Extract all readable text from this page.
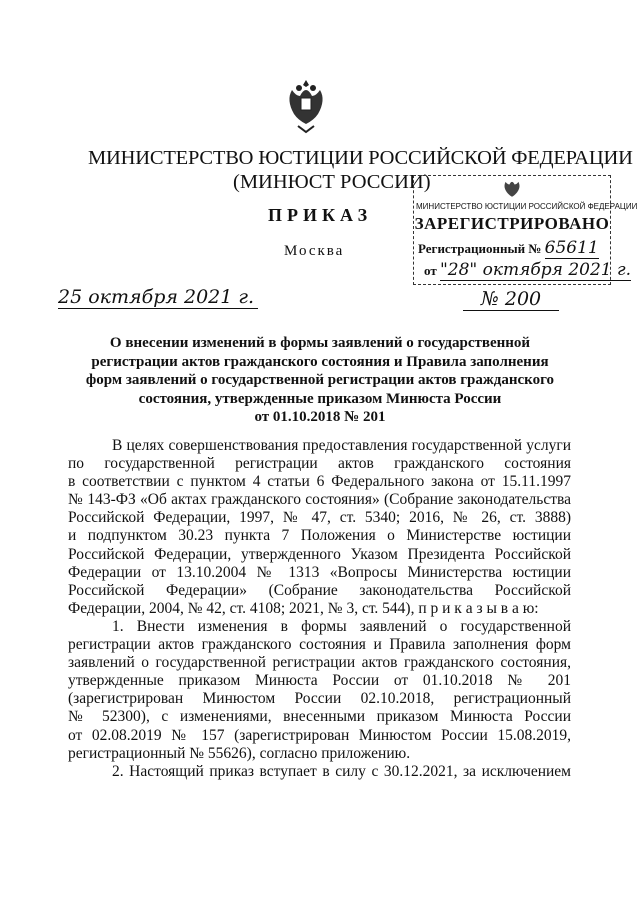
МИНИСТЕРСТВО ЮСТИЦИИ РОССИЙСКОЙ ФЕДЕРАЦИИ
(МИНЮСТ РОССИИ)
ПРИКАЗ
Москва
25 октября 2021 г.	№ 200
МИНИСТЕРСТВО ЮСТИЦИИ РОССИЙСКОЙ ФЕДЕРАЦИИ
ЗАРЕГИСТРИРОВАНО
Регистрационный № 65611
от "28" октября 2021 г.
О внесении изменений в формы заявлений о государственной
регистрации актов гражданского состояния и Правила заполнения
форм заявлений о государственной регистрации актов гражданского
состояния, утвержденные приказом Минюста России
от 01.10.2018 № 201
В целях совершенствования предоставления государственной услуги
по государственной регистрации актов гражданского состояния
в соответствии с пунктом 4 статьи 6 Федерального закона от 15.11.1997
№ 143-ФЗ «Об актах гражданского состояния» (Собрание законодательства
Российской Федерации, 1997, № 47, ст. 5340; 2016, № 26, ст. 3888)
и подпунктом 30.23 пункта 7 Положения о Министерстве юстиции
Российской Федерации, утвержденного Указом Президента Российской
Федерации от 13.10.2004 № 1313 «Вопросы Министерства юстиции
Российской Федерации» (Собрание законодательства Российской
Федерации, 2004, № 42, ст. 4108; 2021, № 3, ст. 544), п р и к а з ы в а ю:
1. Внести изменения в формы заявлений о государственной
регистрации актов гражданского состояния и Правила заполнения форм
заявлений о государственной регистрации актов гражданского состояния,
утвержденные приказом Минюста России от 01.10.2018 № 201
(зарегистрирован Минюстом России 02.10.2018, регистрационный
№ 52300), с изменениями, внесенными приказом Минюста России
от 02.08.2019 № 157 (зарегистрирован Минюстом России 15.08.2019,
регистрационный № 55626), согласно приложению.
2. Настоящий приказ вступает в силу с 30.12.2021, за исключением
